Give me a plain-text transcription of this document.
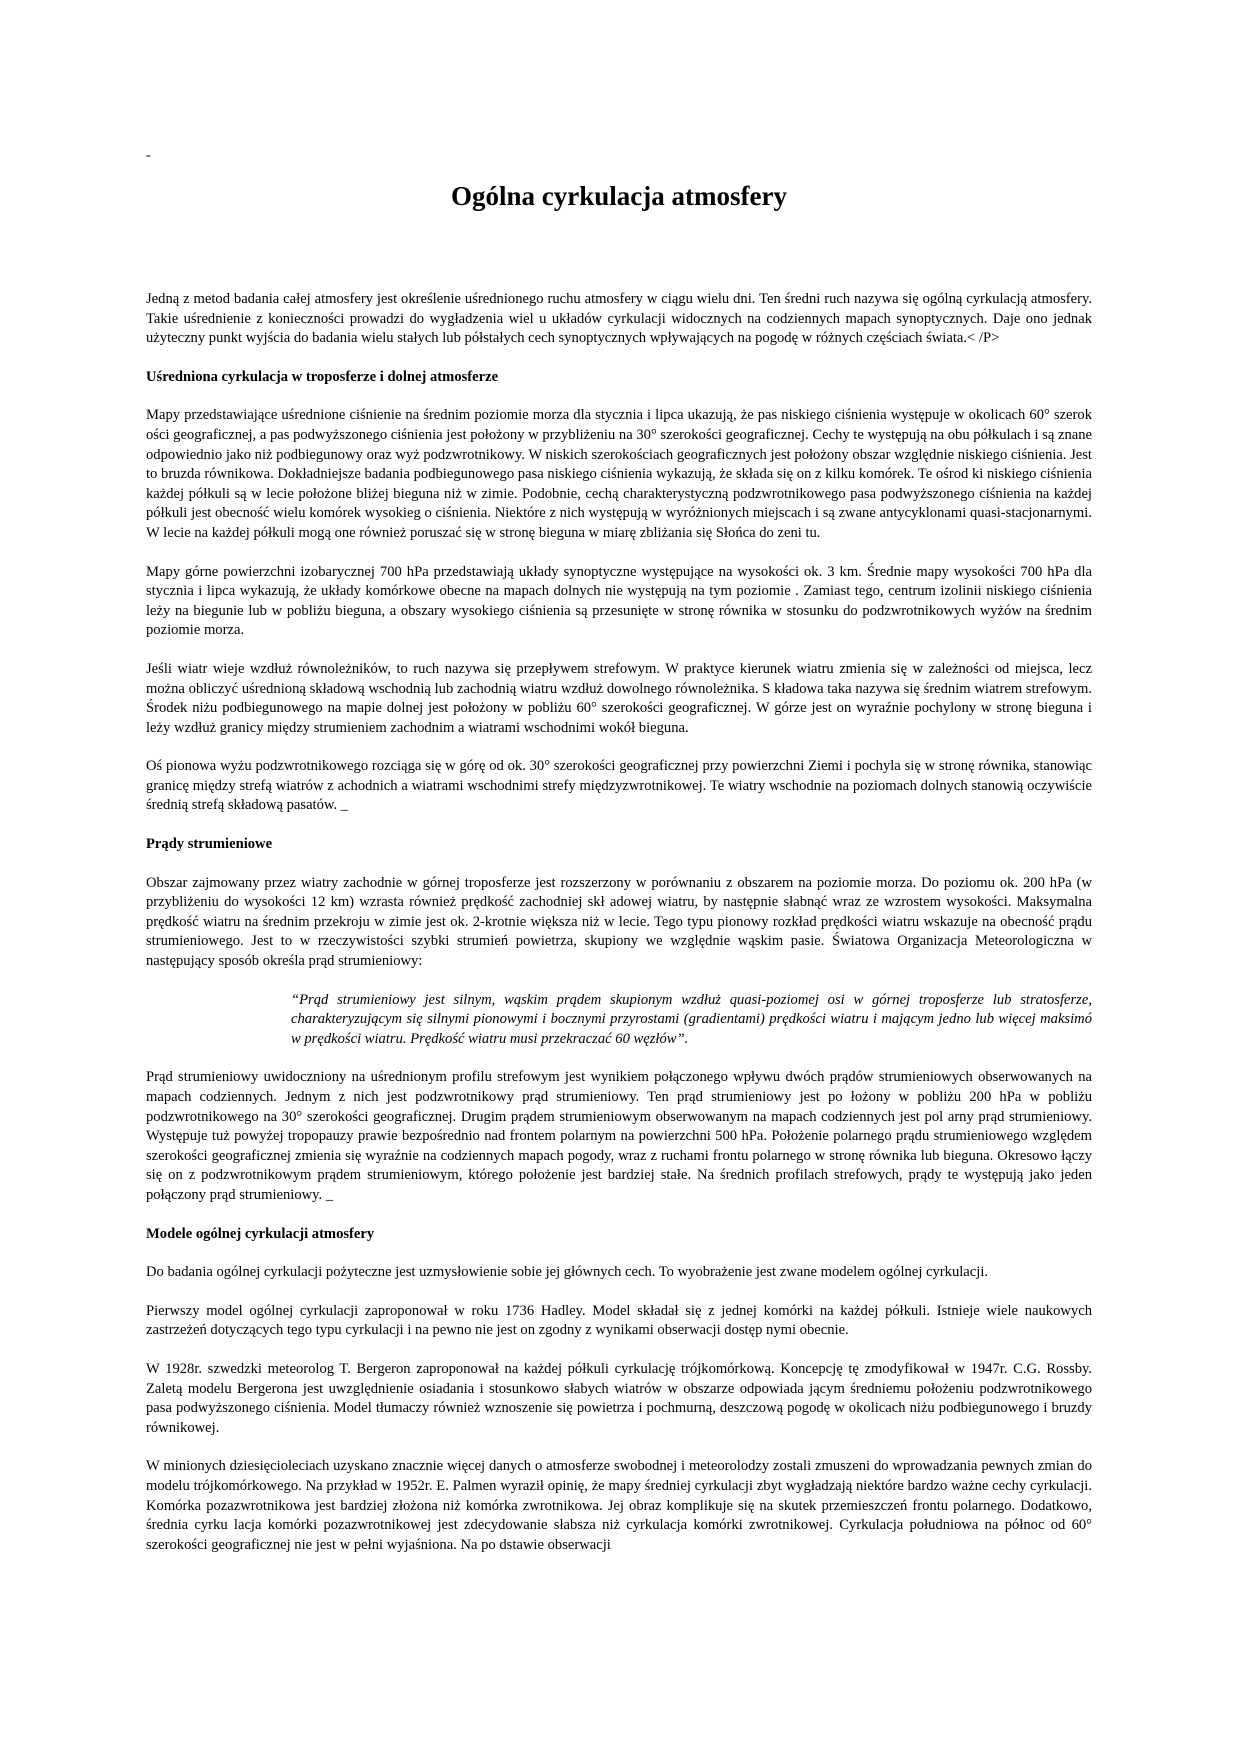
-
Ogólna cyrkulacja atmosfery

Jedną z metod badania całej atmosfery jest określenie uśrednionego ruchu atmosfery w ciągu wielu dni. Ten średni ruch nazywa się ogólną cyrkulacją atmosfery. Takie uśrednienie z konieczności prowadzi do wygładzenia wiel u układów cyrkulacji widocznych na codziennych mapach synoptycznych. Daje ono jednak użyteczny punkt wyjścia do badania wielu stałych lub półstałych cech synoptycznych wpływających na pogodę w różnych częściach świata.< /P>

Uśredniona cyrkulacja w troposferze i dolnej atmosferze

Mapy przedstawiające uśrednione ciśnienie na średnim poziomie morza dla stycznia i lipca ukazują, że pas niskiego ciśnienia występuje w okolicach 60° szerok ości geograficznej, a pas podwyższonego ciśnienia jest położony w przybliżeniu na 30° szerokości geograficznej. Cechy te występują na obu półkulach i są znane odpowiednio jako niż podbiegunowy oraz wyż podzwrotnikowy. W niskich szerokościach geograficznych jest położony obszar względnie niskiego ciśnienia. Jest to bruzda równikowa. Dokładniejsze badania podbiegunowego pasa niskiego ciśnienia wykazują, że składa się on z kilku komórek. Te ośrod ki niskiego ciśnienia każdej półkuli są w lecie położone bliżej bieguna niż w zimie. Podobnie, cechą charakterystyczną podzwrotnikowego pasa podwyższonego ciśnienia na każdej półkuli jest obecność wielu komórek wysokieg o ciśnienia. Niektóre z nich występują w wyróżnionych miejscach i są zwane antycyklonami quasi-stacjonarnymi. W lecie na każdej półkuli mogą one również poruszać się w stronę bieguna w miarę zbliżania się Słońca do zeni tu.

Mapy górne powierzchni izobarycznej 700 hPa przedstawiają układy synoptyczne występujące na wysokości ok. 3 km. Średnie mapy wysokości 700 hPa dla stycznia i lipca wykazują, że układy komórkowe obecne na mapach dolnych nie występują na tym poziomie . Zamiast tego, centrum izolinii niskiego ciśnienia leży na biegunie lub w pobliżu bieguna, a obszary wysokiego ciśnienia są przesunięte w stronę równika w stosunku do podzwrotnikowych wyżów na średnim poziomie morza.

Jeśli wiatr wieje wzdłuż równoleżników, to ruch nazywa się przepływem strefowym. W praktyce kierunek wiatru zmienia się w zależności od miejsca, lecz można obliczyć uśrednioną składową wschodnią lub zachodnią wiatru wzdłuż dowolnego równoleżnika. S kładowa taka nazywa się średnim wiatrem strefowym. Środek niżu podbiegunowego na mapie dolnej jest położony w pobliżu 60° szerokości geograficznej. W górze jest on wyraźnie pochylony w stronę bieguna i leży wzdłuż granicy między strumieniem zachodnim a wiatrami wschodnimi wokół bieguna.

Oś pionowa wyżu podzwrotnikowego rozciąga się w górę od ok. 30° szerokości geograficznej przy powierzchni Ziemi i pochyla się w stronę równika, stanowiąc granicę między strefą wiatrów z achodnich a wiatrami wschodnimi strefy międzyzwrotnikowej. Te wiatry wschodnie na poziomach dolnych stanowią oczywiście średnią strefą składową pasatów. _

Prądy strumieniowe

Obszar zajmowany przez wiatry zachodnie w górnej troposferze jest rozszerzony w porównaniu z obszarem na poziomie morza. Do poziomu ok. 200 hPa (w przybliżeniu do wysokości 12 km) wzrasta również prędkość zachodniej skł adowej wiatru, by następnie słabnąć wraz ze wzrostem wysokości. Maksymalna prędkość wiatru na średnim przekroju w zimie jest ok. 2-krotnie większa niż w lecie. Tego typu pionowy rozkład prędkości wiatru wskazuje na obecność prądu strumieniowego. Jest to w rzeczywistości szybki strumień powietrza, skupiony we względnie wąskim pasie. Światowa Organizacja Meteorologiczna w następujący sposób określa prąd strumieniowy:

“Prąd strumieniowy jest silnym, wąskim prądem skupionym wzdłuż quasi-poziomej osi w górnej troposferze lub stratosferze, charakteryzującym się silnymi pionowymi i bocznymi przyrostami (gradientami) prędkości wiatru i mającym jedno lub więcej maksimó w prędkości wiatru. Prędkość wiatru musi przekraczać 60 węzłów”.

Prąd strumieniowy uwidoczniony na uśrednionym profilu strefowym jest wynikiem połączonego wpływu dwóch prądów strumieniowych obserwowanych na mapach codziennych. Jednym z nich jest podzwrotnikowy prąd strumieniowy. Ten prąd strumieniowy jest po łożony w pobliżu 200 hPa w pobliżu podzwrotnikowego na 30° szerokości geograficznej. Drugim prądem strumieniowym obserwowanym na mapach codziennych jest pol arny prąd strumieniowy. Występuje tuż powyżej tropopauzy prawie bezpośrednio nad frontem polarnym na powierzchni 500 hPa. Położenie polarnego prądu strumieniowego względem szerokości geograficznej zmienia się wyraźnie na codziennych mapach pogody, wraz z ruchami frontu polarnego w stronę równika lub bieguna. Okresowo łączy się on z podzwrotnikowym prądem strumieniowym, którego położenie jest bardziej stałe. Na średnich profilach strefowych, prądy te występują jako jeden połączony prąd strumieniowy. _

Modele ogólnej cyrkulacji atmosfery

Do badania ogólnej cyrkulacji pożyteczne jest uzmysłowienie sobie jej głównych cech. To wyobrażenie jest zwane modelem ogólnej cyrkulacji.

Pierwszy model ogólnej cyrkulacji zaproponował w roku 1736 Hadley. Model składał się z jednej komórki na każdej półkuli. Istnieje wiele naukowych zastrzeżeń dotyczących tego typu cyrkulacji i na pewno nie jest on zgodny z wynikami obserwacji dostęp nymi obecnie.

W 1928r. szwedzki meteorolog T. Bergeron zaproponował na każdej półkuli cyrkulację trójkomórkową. Koncepcję tę zmodyfikował w 1947r. C.G. Rossby. Zaletą modelu Bergerona jest uwzględnienie osiadania i stosunkowo słabych wiatrów w obszarze odpowiada jącym średniemu położeniu podzwrotnikowego pasa podwyższonego ciśnienia. Model tłumaczy również wznoszenie się powietrza i pochmurną, deszczową pogodę w okolicach niżu podbiegunowego i bruzdy równikowej.

W minionych dziesięcioleciach uzyskano znacznie więcej danych o atmosferze swobodnej i meteorolodzy zostali zmuszeni do wprowadzania pewnych zmian do modelu trójkomórkowego. Na przykład w 1952r. E. Palmen wyraził opinię, że mapy średniej cyrkulacji zbyt wygładzają niektóre bardzo ważne cechy cyrkulacji. Komórka pozazwrotnikowa jest bardziej złożona niż komórka zwrotnikowa. Jej obraz komplikuje się na skutek przemieszczeń frontu polarnego. Dodatkowo, średnia cyrku lacja komórki pozazwrotnikowej jest zdecydowanie słabsza niż cyrkulacja komórki zwrotnikowej. Cyrkulacja południowa na północ od 60° szerokości geograficznej nie jest w pełni wyjaśniona. Na po dstawie obserwacji
